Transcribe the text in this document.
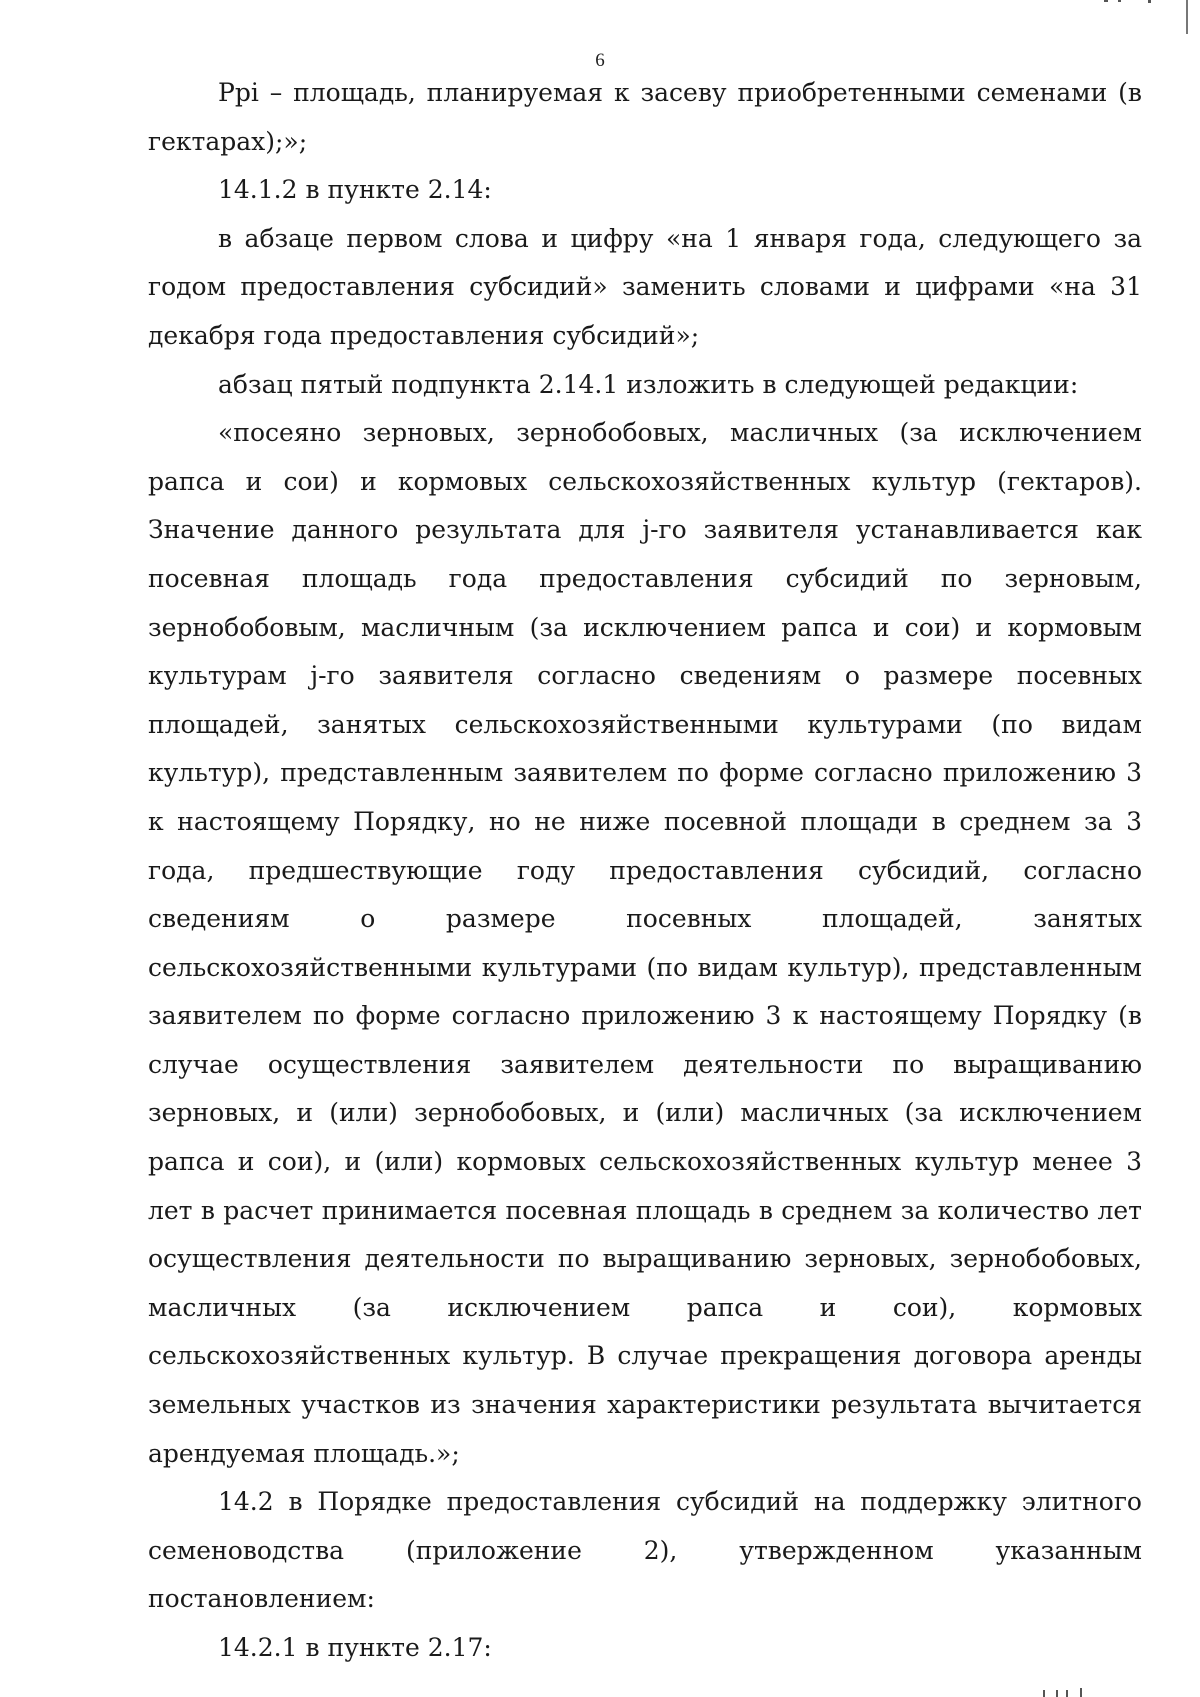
6

Ppi – площадь, планируемая к засеву приобретенными семенами (в гектарах);»;

14.1.2 в пункте 2.14:

в абзаце первом слова и цифру «на 1 января года, следующего за годом предоставления субсидий» заменить словами и цифрами «на 31 декабря года предоставления субсидий»;

абзац пятый подпункта 2.14.1 изложить в следующей редакции:

«посеяно зерновых, зернобобовых, масличных (за исключением рапса и сои) и кормовых сельскохозяйственных культур (гектаров). Значение данного результата для j-го заявителя устанавливается как посевная площадь года предоставления субсидий по зерновым, зернобобовым, масличным (за исключением рапса и сои) и кормовым культурам j-го заявителя согласно сведениям о размере посевных площадей, занятых сельскохозяйственными культурами (по видам культур), представленным заявителем по форме согласно приложению 3 к настоящему Порядку, но не ниже посевной площади в среднем за 3 года, предшествующие году предоставления субсидий, согласно сведениям о размере посевных площадей, занятых сельскохозяйственными культурами (по видам культур), представленным заявителем по форме согласно приложению 3 к настоящему Порядку (в случае осуществления заявителем деятельности по выращиванию зерновых, и (или) зернобобовых, и (или) масличных (за исключением рапса и сои), и (или) кормовых сельскохозяйственных культур менее 3 лет в расчет принимается посевная площадь в среднем за количество лет осуществления деятельности по выращиванию зерновых, зернобобовых, масличных (за исключением рапса и сои), кормовых сельскохозяйственных культур. В случае прекращения договора аренды земельных участков из значения характеристики результата вычитается арендуемая площадь.»;

14.2 в Порядке предоставления субсидий на поддержку элитного семеноводства (приложение 2), утвержденном указанным постановлением:

14.2.1 в пункте 2.17:
